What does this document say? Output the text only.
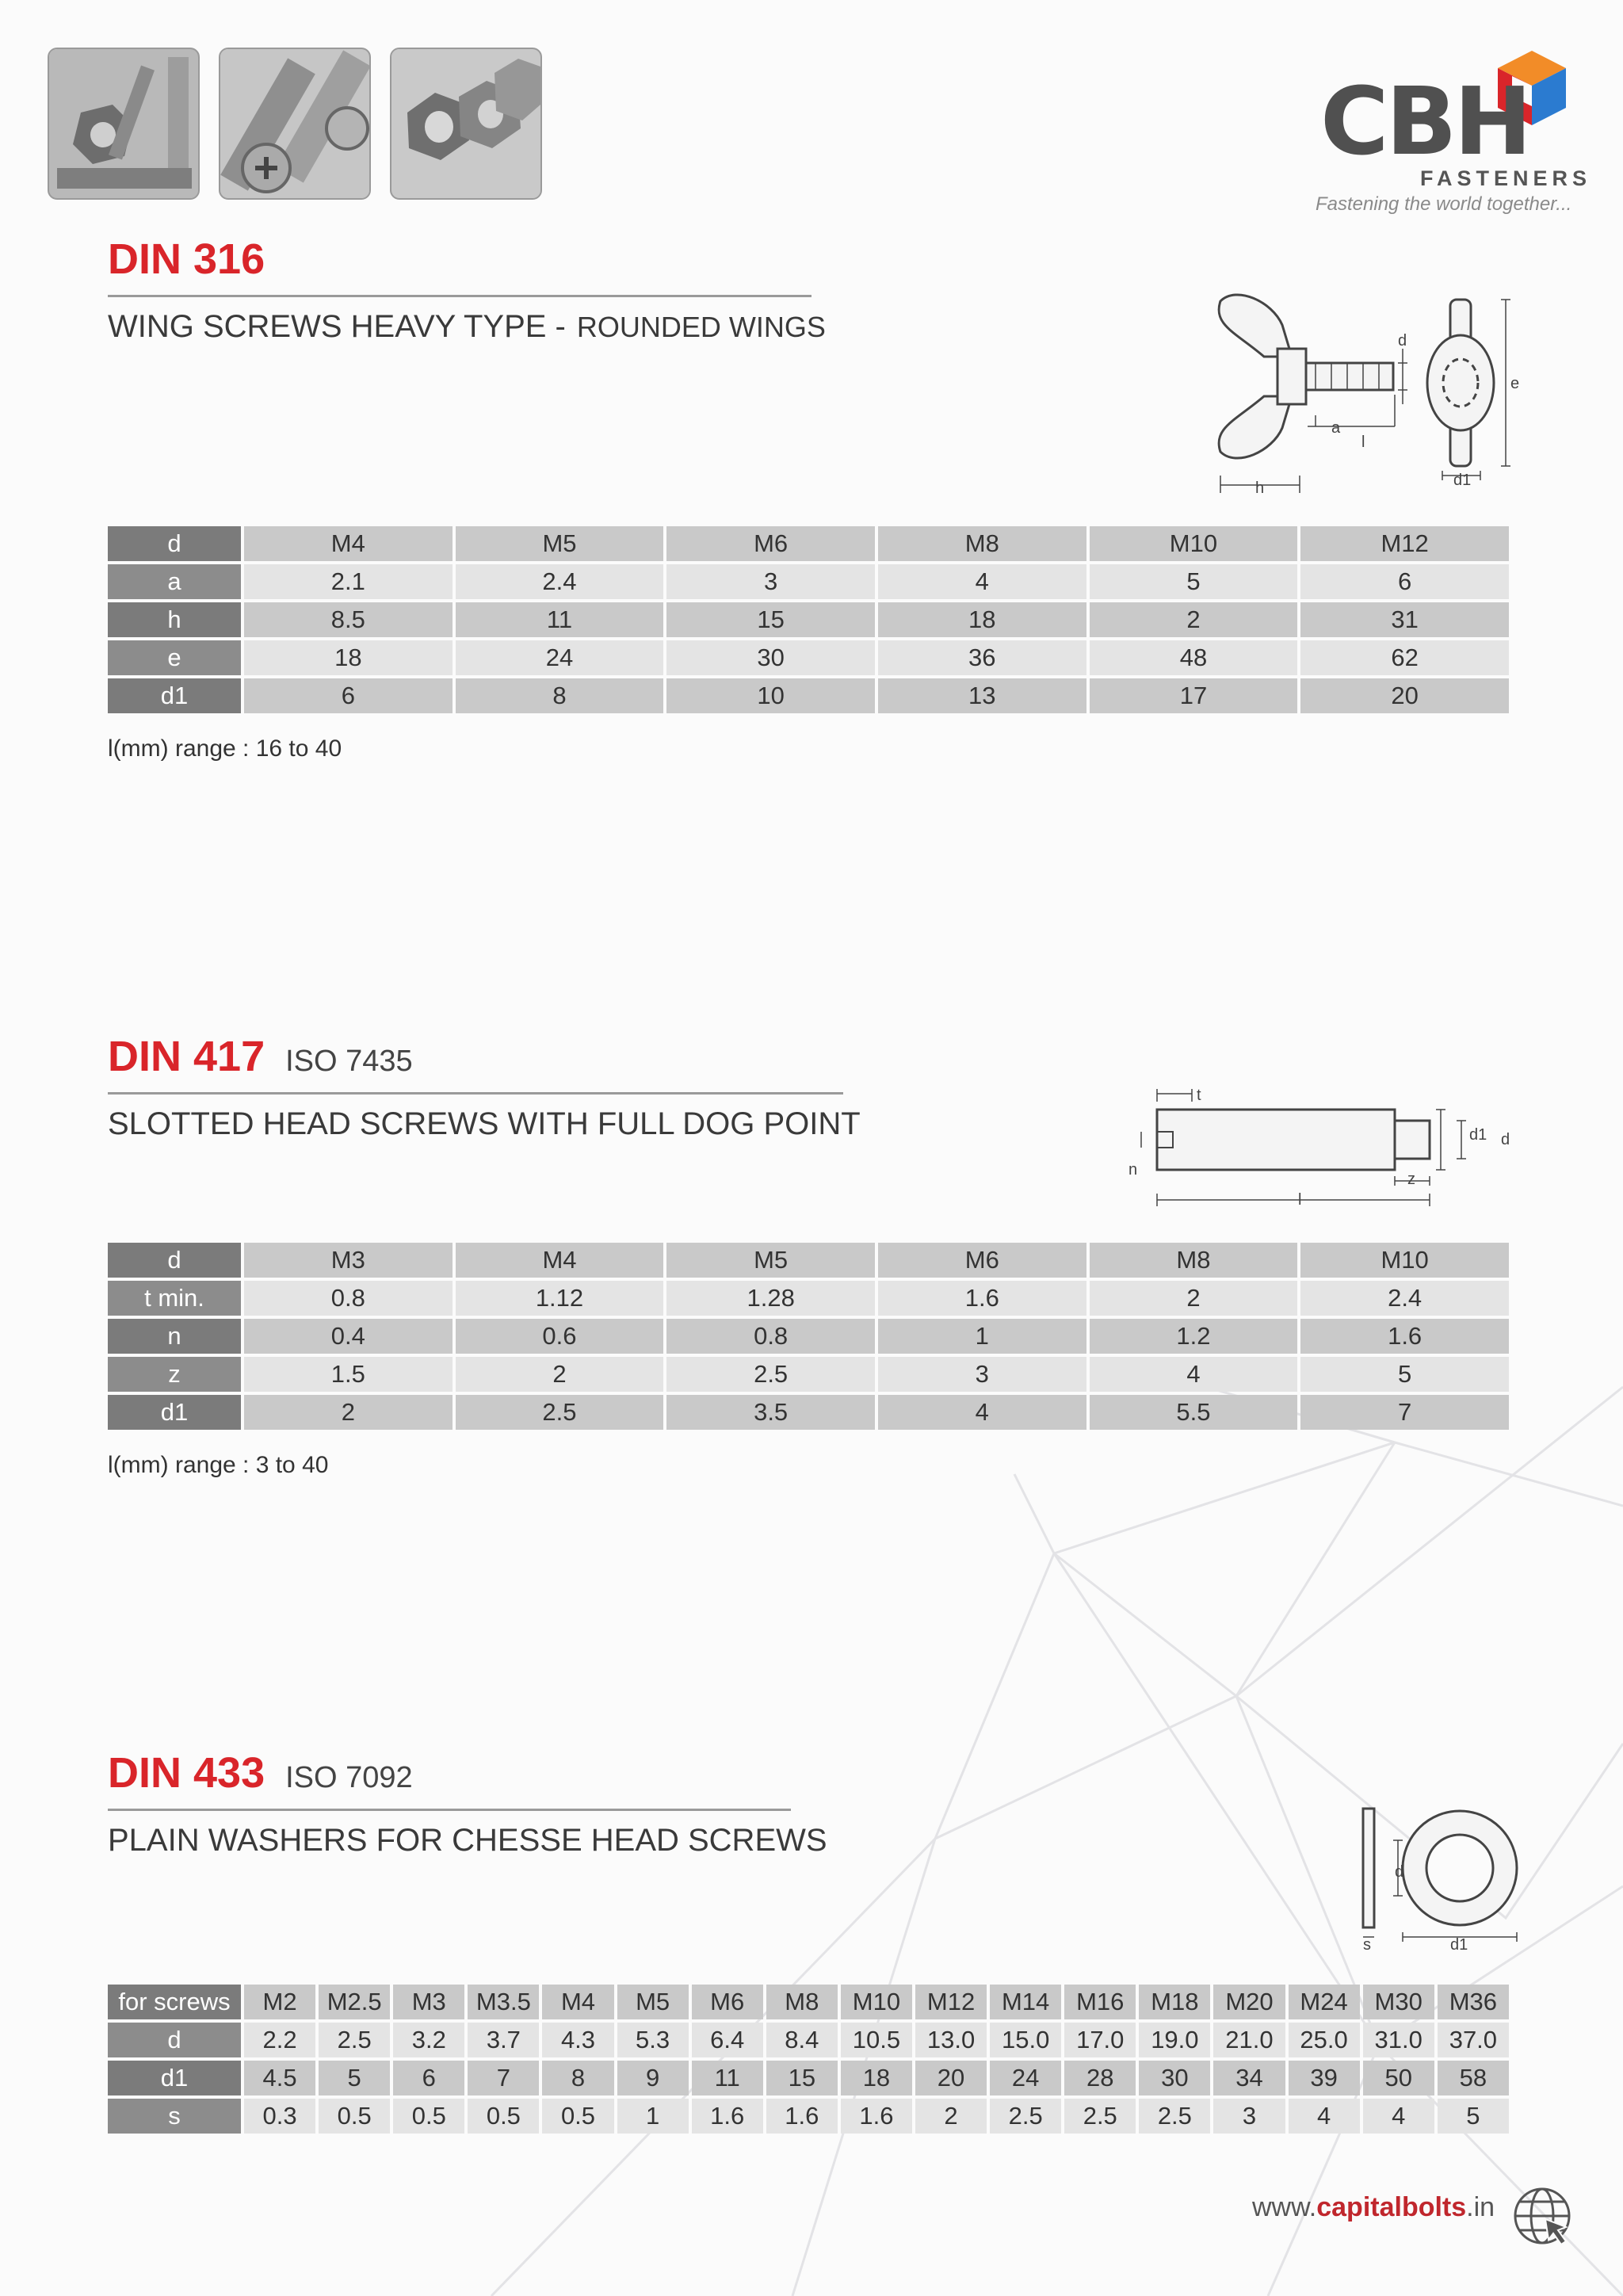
CBH
FASTENERS
Fastening the world together...
DIN 316
WING SCREWS HEAVY TYPE - ROUNDED WINGS	d
a
l
h
e
d1
d	M4	M5	M6	M8	M10	M12
a	2.1	2.4	3	4	5	6
h	8.5	11	15	18	2	31
e	18	24	30	36	48	62
d1	6	8	10	13	17	20
l(mm) range : 16 to 40
DIN 417 ISO 7435
SLOTTED HEAD SCREWS WITH FULL DOG POINT
t
n
d1 d
z
l
d	M3	M4	M5	M6	M8	M10
t min.	0.8	1.12	1.28	1.6	2	2.4
n	0.4	0.6	0.8	1	1.2	1.6
z	1.5	2	2.5	3	4	5
d1	2	2.5	3.5	4	5.5	7
l(mm) range : 3 to 40
DIN 433 ISO 7092
PLAIN WASHERS FOR CHESSE HEAD SCREWS
d
s	d1
for screws	M2	M2.5	M3	M3.5	M4	M5	M6	M8	M10	M12	M14	M16	M18	M20	M24	M30	M36
d	2.2	2.5	3.2	3.7	4.3	5.3	6.4	8.4	10.5	13.0	15.0	17.0	19.0	21.0	25.0	31.0	37.0
d1	4.5	5	6	7	8	9	11	15	18	20	24	28	30	34	39	50	58
s	0.3	0.5	0.5	0.5	0.5	1	1.6	1.6	1.6	2	2.5	2.5	2.5	3	4	4	5
www.capitalbolts.in
